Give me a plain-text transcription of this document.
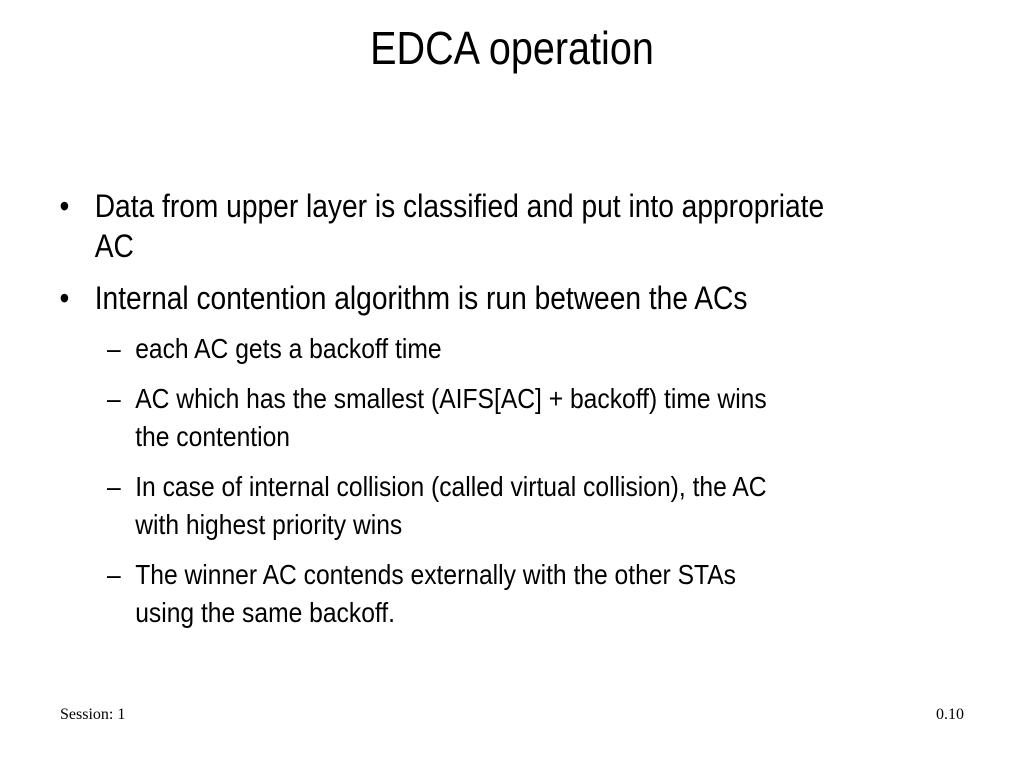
EDCA operation
• Data from upper layer is classified and put into appropriate
AC
• Internal contention algorithm is run between the ACs
– each AC gets a backoff time
– AC which has the smallest (AIFS[AC] + backoff) time wins
the contention
– In case of internal collision (called virtual collision), the AC
with highest priority wins
– The winner AC contends externally with the other STAs
using the same backoff.
Session: 1	0.10
